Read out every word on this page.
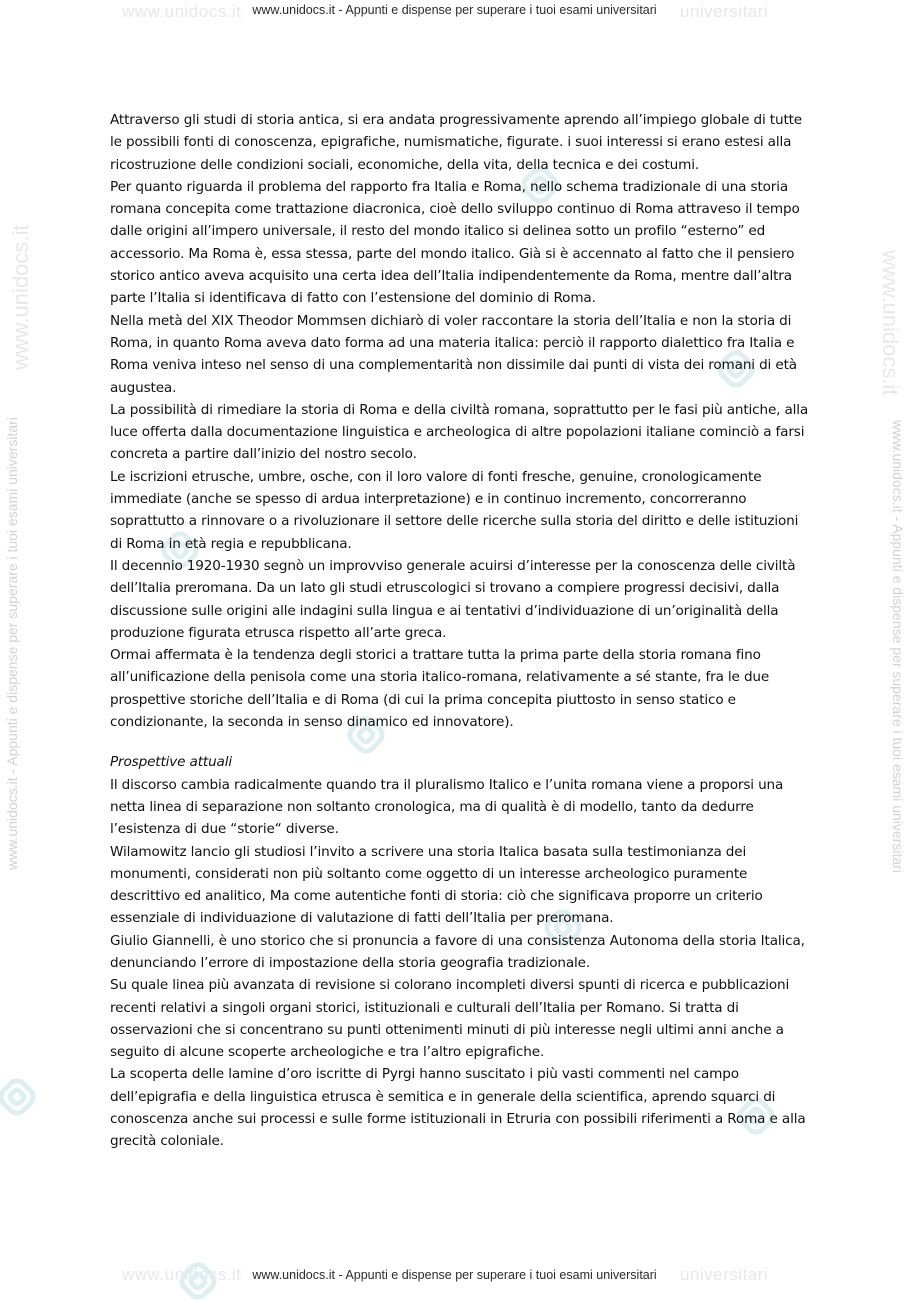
www.unidocs.it	universitari
www.unidocs.it	universitari
www.unidocs.it - Appunti e dispense per superare i tuoi esami universitari
www.unidocs.it - Appunti e dispense per superare i tuoi esami universitari
www.unidocs.it - Appunti e dispense per superare i tuoi esami universitari	www.unidocs.it - Appunti e dispense per superare i tuoi esami universitari
www.unidocs.it	www.unidocs.it

Attraverso gli studi di storia antica, si era andata progressivamente aprendo all’impiego globale di tutte le possibili fonti di conoscenza, epigrafiche, numismatiche, figurate. i suoi interessi si erano estesi alla ricostruzione delle condizioni sociali, economiche, della vita, della tecnica e dei costumi.

Per quanto riguarda il problema del rapporto fra Italia e Roma, nello schema tradizionale di una storia romana concepita come trattazione diacronica, cioè dello sviluppo continuo di Roma attraveso il tempo dalle origini all’impero universale, il resto del mondo italico si delinea sotto un profilo “esterno” ed accessorio. Ma Roma è, essa stessa, parte del mondo italico. Già si è accennato al fatto che il pensiero storico antico aveva acquisito una certa idea dell’Italia indipendentemente da Roma, mentre dall’altra parte l’Italia si identificava di fatto con l’estensione del dominio di Roma.

Nella metà del XIX Theodor Mommsen dichiarò di voler raccontare la storia dell’Italia e non la storia di Roma, in quanto Roma aveva dato forma ad una materia italica: perciò il rapporto dialettico fra Italia e Roma veniva inteso nel senso di una complementarità non dissimile dai punti di vista dei romani di età augustea.

La possibilità di rimediare la storia di Roma e della civiltà romana, soprattutto per le fasi più antiche, alla luce offerta dalla documentazione linguistica e archeologica di altre popolazioni italiane cominciò a farsi concreta a partire dall’inizio del nostro secolo.

Le iscrizioni etrusche, umbre, osche, con il loro valore di fonti fresche, genuine, cronologicamente immediate (anche se spesso di ardua interpretazione) e in continuo incremento, concorreranno soprattutto a rinnovare o a rivoluzionare il settore delle ricerche sulla storia del diritto e delle istituzioni di Roma in età regia e repubblicana.

Il decennio 1920-1930 segnò un improvviso generale acuirsi d’interesse per la conoscenza delle civiltà dell’Italia preromana. Da un lato gli studi etruscologici si trovano a compiere progressi decisivi, dalla discussione sulle origini alle indagini sulla lingua e ai tentativi d’individuazione di un’originalità della produzione figurata etrusca rispetto all’arte greca.

Ormai affermata è la tendenza degli storici a trattare tutta la prima parte della storia romana fino all’unificazione della penisola come una storia italico-romana, relativamente a sé stante, fra le due prospettive storiche dell’Italia e di Roma (di cui la prima concepita piuttosto in senso statico e condizionante, la seconda in senso dinamico ed innovatore).

Prospettive attuali

Il discorso cambia radicalmente quando tra il pluralismo Italico e l’unita romana viene a proporsi una netta linea di separazione non soltanto cronologica, ma di qualità è di modello, tanto da dedurre l’esistenza di due “storie“ diverse.

Wilamowitz lancio gli studiosi l’invito a scrivere una storia Italica basata sulla testimonianza dei monumenti, considerati non più soltanto come oggetto di un interesse archeologico puramente descrittivo ed analitico, Ma come autentiche fonti di storia: ciò che significava proporre un criterio essenziale di individuazione di valutazione di fatti dell’Italia per preromana.

Giulio Giannelli, è uno storico che si pronuncia a favore di una consistenza Autonoma della storia Italica, denunciando l’errore di impostazione della storia geografia tradizionale.

Su quale linea più avanzata di revisione si colorano incompleti diversi spunti di ricerca e pubblicazioni recenti relativi a singoli organi storici, istituzionali e culturali dell’Italia per Romano. Si tratta di osservazioni che si concentrano su punti ottenimenti minuti di più interesse negli ultimi anni anche a seguito di alcune scoperte archeologiche e tra l’altro epigrafiche.

La scoperta delle lamine d’oro iscritte di Pyrgi hanno suscitato i più vasti commenti nel campo dell’epigrafia e della linguistica etrusca è semitica e in generale della scientifica, aprendo squarci di conoscenza anche sui processi e sulle forme istituzionali in Etruria con possibili riferimenti a Roma e alla grecità coloniale.
